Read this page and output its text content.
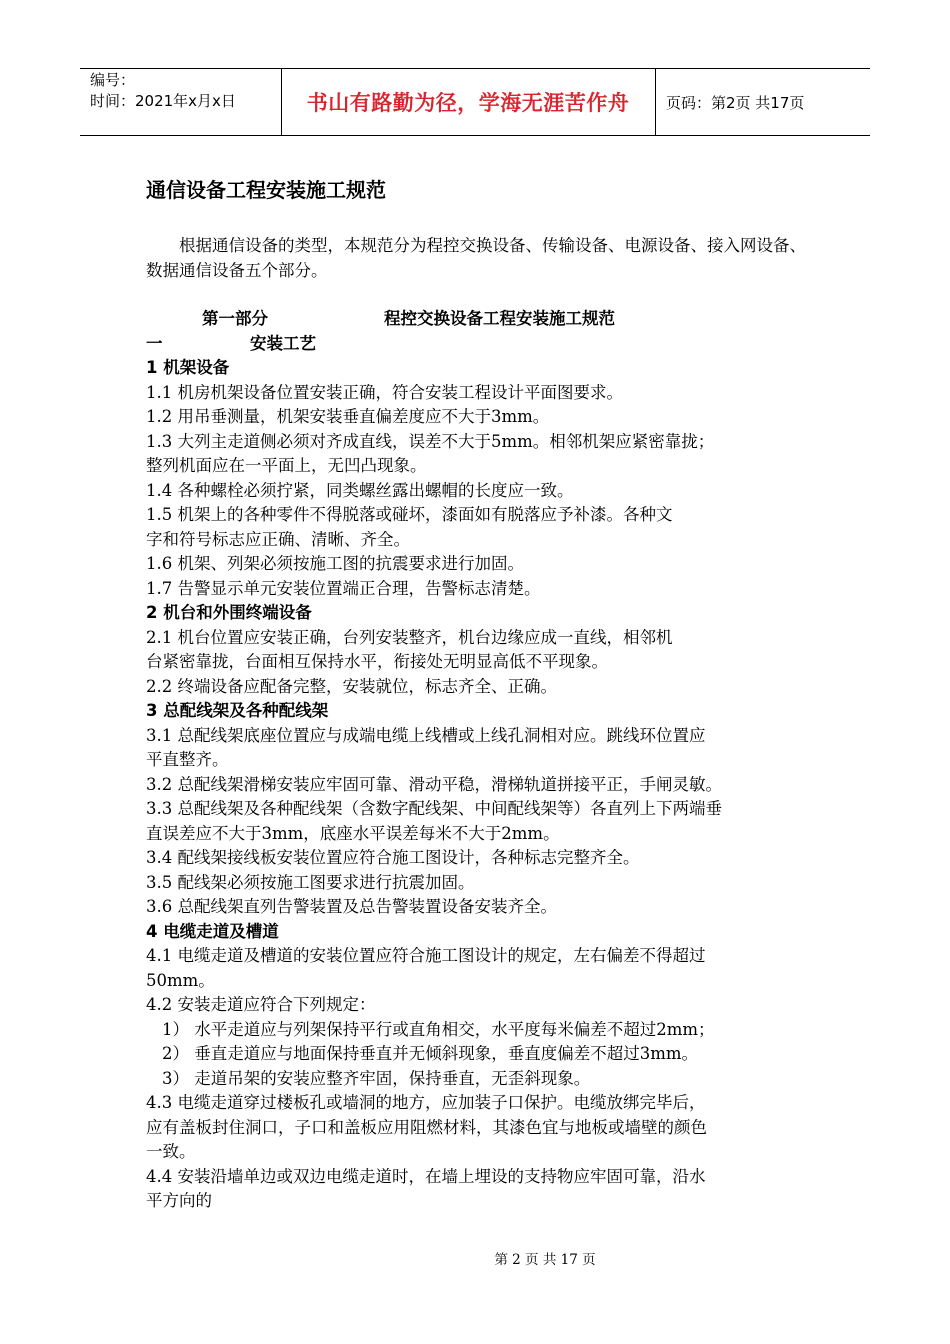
编号：
时间：2021年x月x日	书山有路勤为径，学海无涯苦作舟	页码：第2页 共17页
通信设备工程安装施工规范

根据通信设备的类型，本规范分为程控交换设备、传输设备、电源设备、接入网设备、数据通信设备五个部分。

第一部分	程控交换设备工程安装施工规范
一	安装工艺

1 机架设备

1.1 机房机架设备位置安装正确，符合安装工程设计平面图要求。

1.2 用吊垂测量，机架安装垂直偏差度应不大于3mm。

1.3 大列主走道侧必须对齐成直线，误差不大于5mm。相邻机架应紧密靠拢；

整列机面应在一平面上，无凹凸现象。

1.4 各种螺栓必须拧紧，同类螺丝露出螺帽的长度应一致。

1.5 机架上的各种零件不得脱落或碰坏，漆面如有脱落应予补漆。各种文

字和符号标志应正确、清晰、齐全。

1.6 机架、列架必须按施工图的抗震要求进行加固。

1.7 告警显示单元安装位置端正合理，告警标志清楚。

2 机台和外围终端设备

2.1 机台位置应安装正确，台列安装整齐，机台边缘应成一直线，相邻机

台紧密靠拢，台面相互保持水平，衔接处无明显高低不平现象。

2.2 终端设备应配备完整，安装就位，标志齐全、正确。

3 总配线架及各种配线架

3.1 总配线架底座位置应与成端电缆上线槽或上线孔洞相对应。跳线环位置应

平直整齐。

3.2 总配线架滑梯安装应牢固可靠、滑动平稳，滑梯轨道拼接平正，手闸灵敏。

3.3 总配线架及各种配线架（含数字配线架、中间配线架等）各直列上下两端垂

直误差应不大于3mm，底座水平误差每米不大于2mm。

3.4 配线架接线板安装位置应符合施工图设计，各种标志完整齐全。

3.5 配线架必须按施工图要求进行抗震加固。

3.6 总配线架直列告警装置及总告警装置设备安装齐全。

4 电缆走道及槽道

4.1 电缆走道及槽道的安装位置应符合施工图设计的规定，左右偏差不得超过

50mm。

4.2 安装走道应符合下列规定：

1） 水平走道应与列架保持平行或直角相交，水平度每米偏差不超过2mm；

2） 垂直走道应与地面保持垂直并无倾斜现象，垂直度偏差不超过3mm。

3） 走道吊架的安装应整齐牢固，保持垂直，无歪斜现象。

4.3 电缆走道穿过楼板孔或墙洞的地方，应加装子口保护。电缆放绑完毕后，

应有盖板封住洞口，子口和盖板应用阻燃材料，其漆色宜与地板或墙壁的颜色

一致。

4.4 安装沿墙单边或双边电缆走道时，在墙上埋设的支持物应牢固可靠，沿水

平方向的

第 2 页 共 17 页
